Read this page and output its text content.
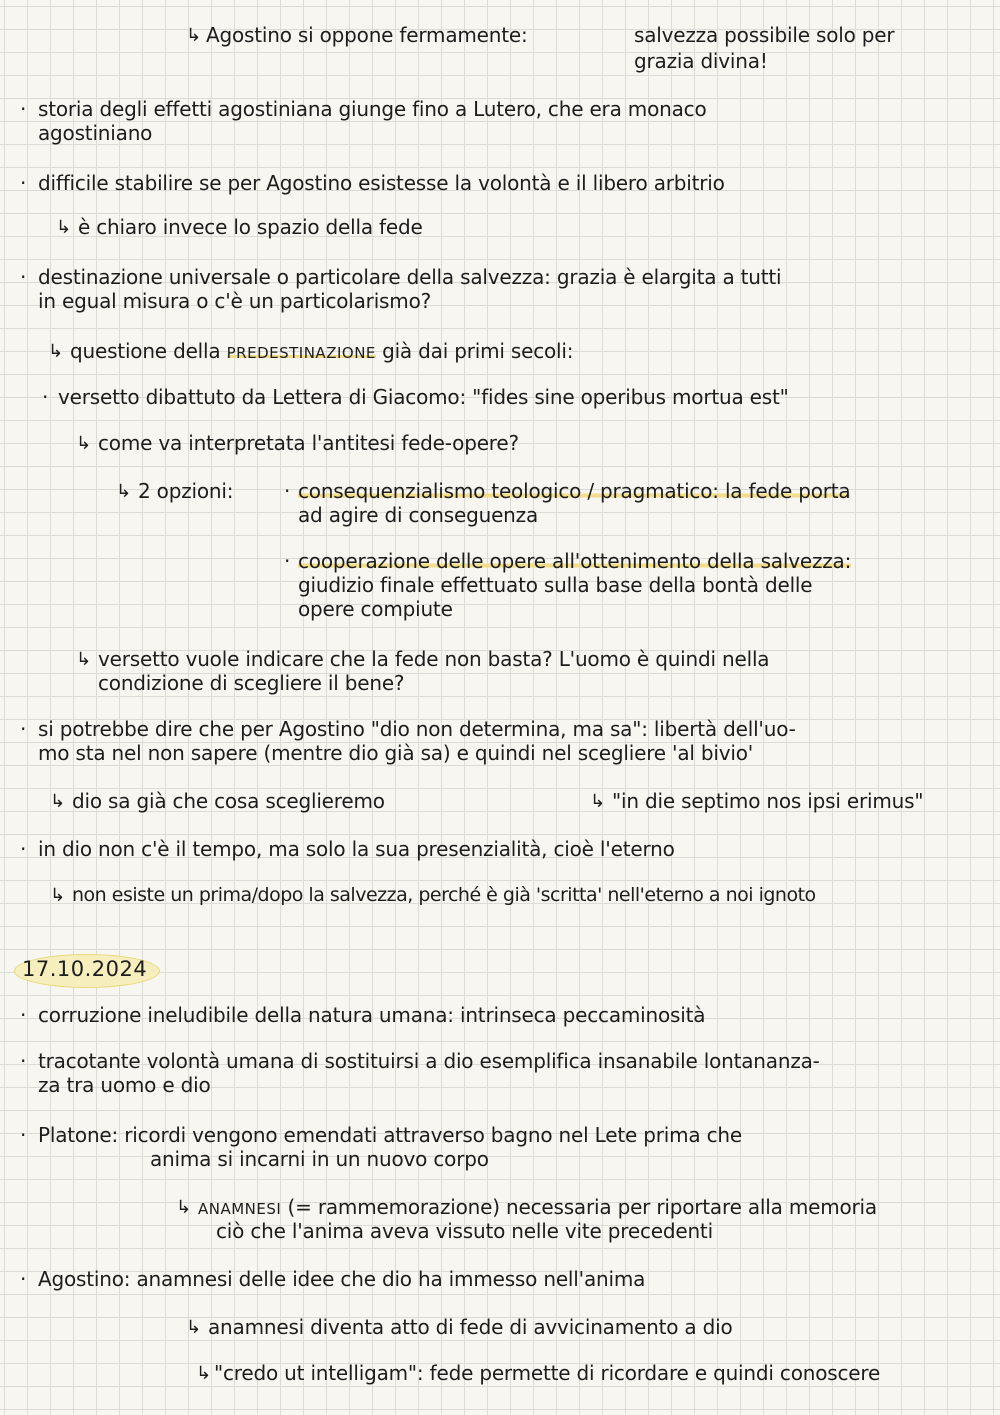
↳ Agostino si oppone fermamente:	salvezza possibile solo per
grazia divina!
· storia degli effetti agostiniana giunge fino a Lutero, che era monaco
agostiniano
· difficile stabilire se per Agostino esistesse la volontà e il libero arbitrio
↳ è chiaro invece lo spazio della fede
· destinazione universale o particolare della salvezza: grazia è elargita a tutti
in egual misura o c'è un particolarismo?
↳ questione della PREDESTINAZIONE già dai primi secoli:
· versetto dibattuto da Lettera di Giacomo: "fides sine operibus mortua est"
↳ come va interpretata l'antitesi fede-opere?
↳ 2 opzioni:	· consequenzialismo teologico / pragmatico: la fede porta
ad agire di conseguenza
· cooperazione delle opere all'ottenimento della salvezza:
giudizio finale effettuato sulla base della bontà delle
opere compiute
↳ versetto vuole indicare che la fede non basta? L'uomo è quindi nella
condizione di scegliere il bene?
· si potrebbe dire che per Agostino "dio non determina, ma sa": libertà dell'uo-
mo sta nel non sapere (mentre dio già sa) e quindi nel scegliere 'al bivio'
↳ dio sa già che cosa sceglieremo	↳ "in die septimo nos ipsi erimus"
· in dio non c'è il tempo, ma solo la sua presenzialità, cioè l'eterno
↳ non esiste un prima/dopo la salvezza, perché è già 'scritta' nell'eterno a noi ignoto
17.10.2024
· corruzione ineludibile della natura umana: intrinseca peccaminosità
· tracotante volontà umana di sostituirsi a dio esemplifica insanabile lontananza-
za tra uomo e dio
· Platone: ricordi vengono emendati attraverso bagno nel Lete prima che
anima si incarni in un nuovo corpo
↳ ANAMNESI (= rammemorazione) necessaria per riportare alla memoria
ciò che l'anima aveva vissuto nelle vite precedenti
· Agostino: anamnesi delle idee che dio ha immesso nell'anima
↳ anamnesi diventa atto di fede di avvicinamento a dio
↳ "credo ut intelligam": fede permette di ricordare e quindi conoscere
